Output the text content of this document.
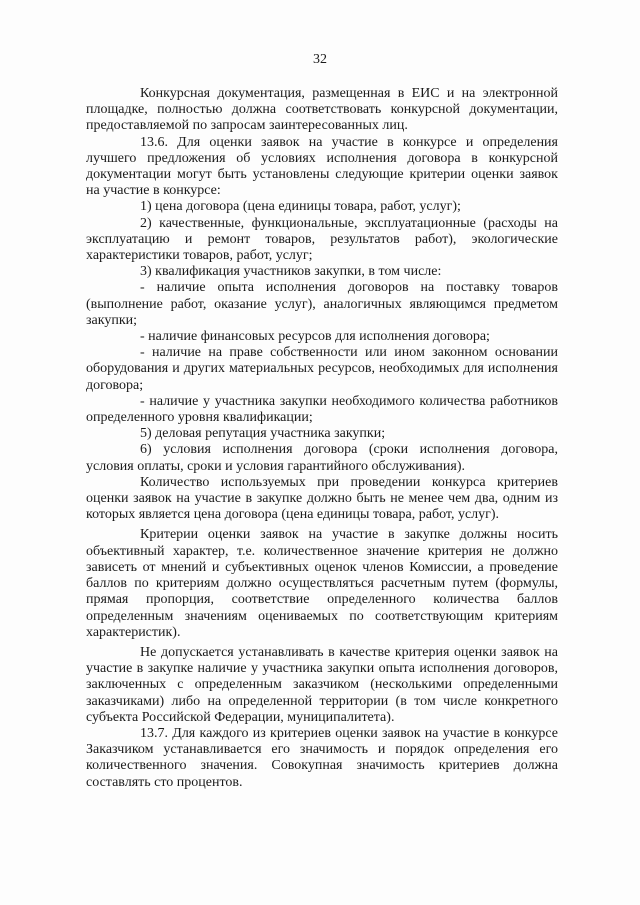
32

Конкурсная документация, размещенная в ЕИС и на электронной площадке, полностью должна соответствовать конкурсной документации, предоставляемой по запросам заинтересованных лиц.

13.6. Для оценки заявок на участие в конкурсе и определения лучшего предложения об условиях исполнения договора в конкурсной документации могут быть установлены следующие критерии оценки заявок на участие в конкурсе:

1) цена договора (цена единицы товара, работ, услуг);

2) качественные, функциональные, эксплуатационные (расходы на эксплуатацию и ремонт товаров, результатов работ), экологические характеристики товаров, работ, услуг;

3) квалификация участников закупки, в том числе:

- наличие опыта исполнения договоров на поставку товаров (выполнение работ, оказание услуг), аналогичных являющимся предметом закупки;

- наличие финансовых ресурсов для исполнения договора;

- наличие на праве собственности или ином законном основании оборудования и других материальных ресурсов, необходимых для исполнения договора;

- наличие у участника закупки необходимого количества работников определенного уровня квалификации;

5) деловая репутация участника закупки;

6) условия исполнения договора (сроки исполнения договора, условия оплаты, сроки и условия гарантийного обслуживания).

Количество используемых при проведении конкурса критериев оценки заявок на участие в закупке должно быть не менее чем два, одним из которых является цена договора (цена единицы товара, работ, услуг).

Критерии оценки заявок на участие в закупке должны носить объективный характер, т.е. количественное значение критерия не должно зависеть от мнений и субъективных оценок членов Комиссии, а проведение баллов по критериям должно осуществляться расчетным путем (формулы, прямая пропорция, соответствие определенного количества баллов определенным значениям оцениваемых по соответствующим критериям характеристик).

Не допускается устанавливать в качестве критерия оценки заявок на участие в закупке наличие у участника закупки опыта исполнения договоров, заключенных с определенным заказчиком (несколькими определенными заказчиками) либо на определенной территории (в том числе конкретного субъекта Российской Федерации, муниципалитета).

13.7. Для каждого из критериев оценки заявок на участие в конкурсе Заказчиком устанавливается его значимость и порядок определения его количественного значения. Совокупная значимость критериев должна составлять сто процентов.
